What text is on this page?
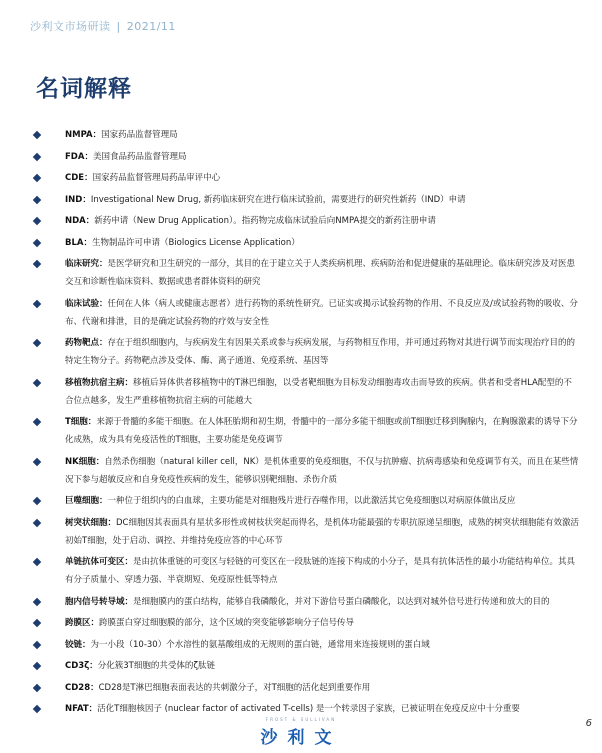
沙利文市场研读 | 2021/11
名词解释
NMPA：国家药品监督管理局
FDA：美国食品药品监督管理局
CDE：国家药品监督管理局药品审评中心
IND：Investigational New Drug, 新药临床研究在进行临床试验前，需要进行的研究性新药（IND）申请
NDA：新药申请（New Drug Application）。指药物完成临床试验后向NMPA提交的新药注册申请
BLA：生物制品许可申请（Biologics License Application）
临床研究：是医学研究和卫生研究的一部分，其目的在于建立关于人类疾病机理、疾病防治和促进健康的基础理论。临床研究涉及对医患交互和诊断性临床资料、数据或患者群体资料的研究
临床试验：任何在人体（病人或健康志愿者）进行药物的系统性研究。已证实或揭示试验药物的作用、不良反应及/或试验药物的吸收、分布、代谢和排泄，目的是确定试验药物的疗效与安全性
药物靶点：存在于组织细胞内，与疾病发生有因果关系或参与疾病发展，与药物相互作用，并可通过药物对其进行调节而实现治疗目的的特定生物分子。药物靶点涉及受体、酶、离子通道、免疫系统、基因等
移植物抗宿主病：移植后异体供者移植物中的T淋巴细胞，以受者靶细胞为目标发动细胞毒攻击而导致的疾病。供者和受者HLA配型的不合位点越多，发生严重移植物抗宿主病的可能越大
T细胞：来源于骨髓的多能干细胞。在人体胚胎期和初生期，骨髓中的一部分多能干细胞或前T细胞迁移到胸腺内，在胸腺激素的诱导下分化成熟，成为具有免疫活性的T细胞，主要功能是免疫调节
NK细胞：自然杀伤细胞（natural killer cell，NK）是机体重要的免疫细胞，不仅与抗肿瘤、抗病毒感染和免疫调节有关，而且在某些情况下参与超敏反应和自身免疫性疾病的发生，能够识别靶细胞、杀伤介质
巨噬细胞：一种位于组织内的白血球，主要功能是对细胞残片进行吞噬作用，以此激活其它免疫细胞以对病原体做出反应
树突状细胞：DC细胞因其表面具有星状多形性或树枝状突起而得名，是机体功能最强的专职抗原递呈细胞，成熟的树突状细胞能有效激活初始T细胞，处于启动、调控、并维持免疫应答的中心环节
单链抗体可变区：是由抗体重链的可变区与轻链的可变区在一段肽链的连接下构成的小分子，是具有抗体活性的最小功能结构单位。其具有分子质量小、穿透力强、半衰期短、免疫原性低等特点
胞内信号转导域：是细胞膜内的蛋白结构，能够自我磷酸化，并对下游信号蛋白磷酸化，以达到对城外信号进行传递和放大的目的
跨膜区：跨膜蛋白穿过细胞膜的部分，这个区域的突变能够影响分子信号传导
铰链：为一小段（10-30）个水溶性的氨基酸组成的无规则的蛋白链，通常用来连接规则的蛋白域
CD3ζ：分化簇3T细胞的共受体的ζ肽链
CD28：CD28是T淋巴细胞表面表达的共刺激分子，对T细胞的活化起到重要作用
NFAT：活化T细胞核因子 (nuclear factor of activated T-cells) 是一个转录因子家族，已被证明在免疫反应中十分重要
FROST & SULLIVAN
沙利文
6
